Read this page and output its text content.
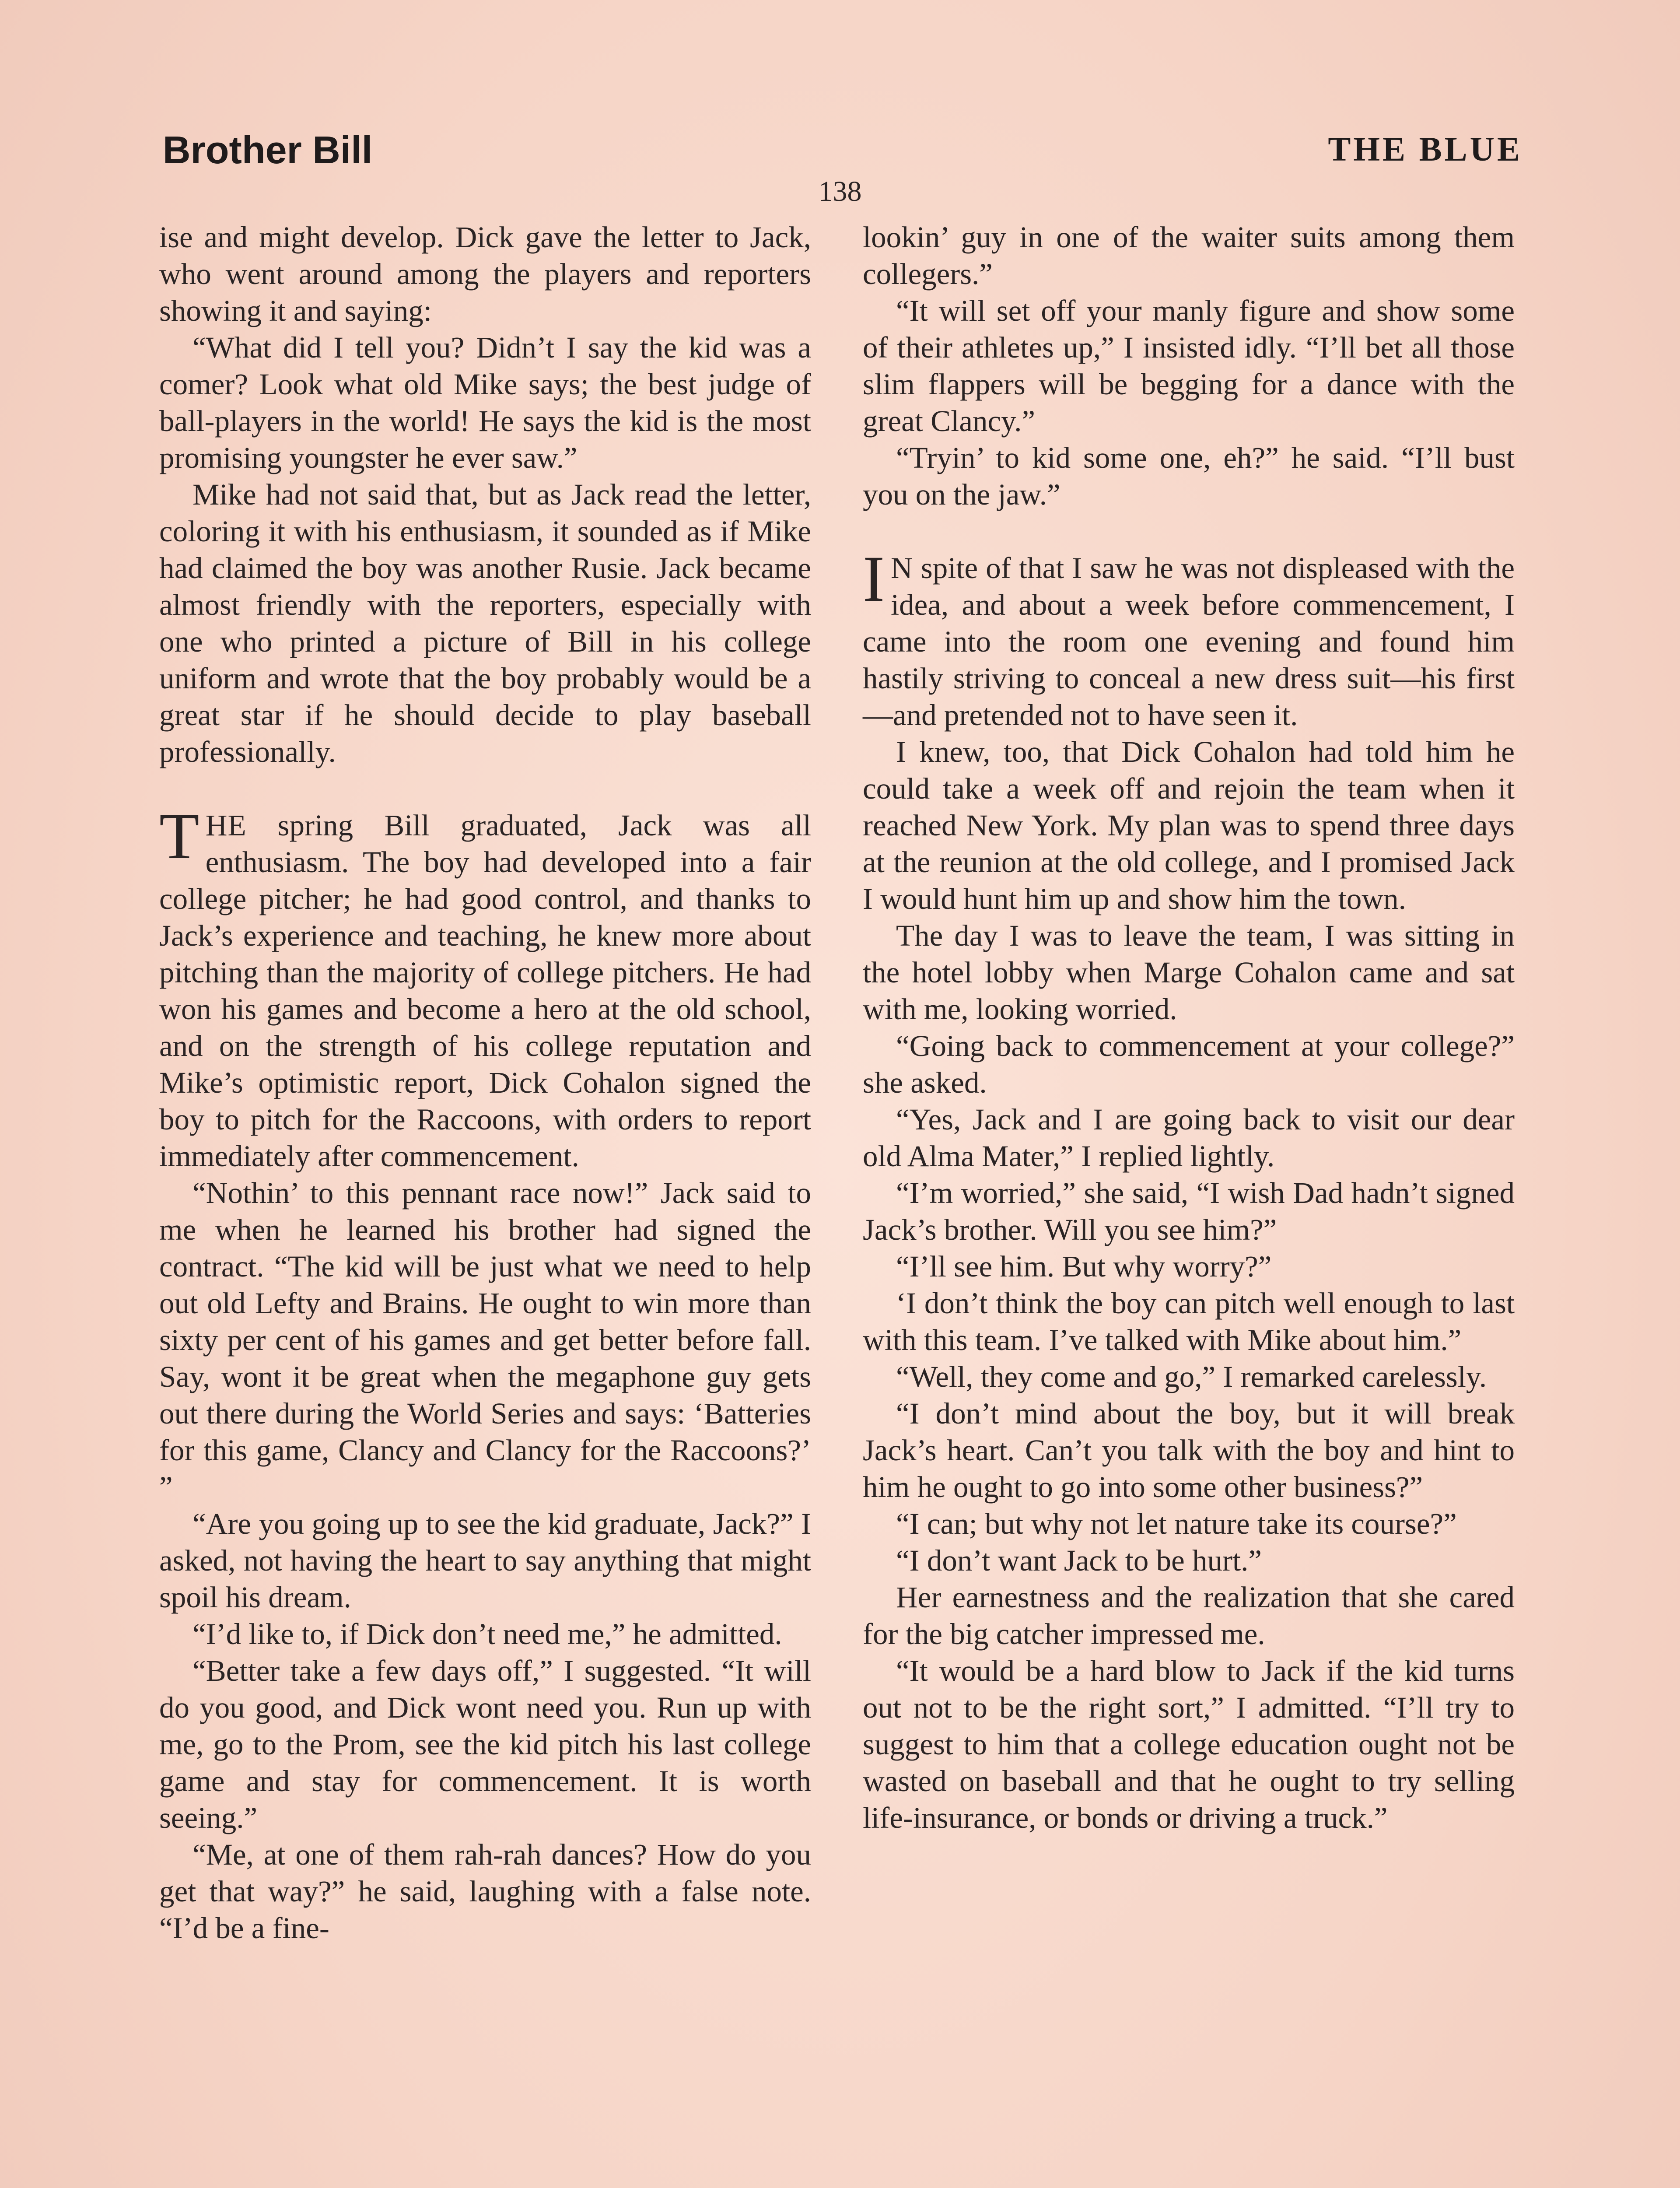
Brother Bill	THE BLUE
138

ise and might develop. Dick gave the letter to Jack, who went around among the players and reporters showing it and saying:

“What did I tell you? Didn’t I say the kid was a comer? Look what old Mike says; the best judge of ball-players in the world! He says the kid is the most promising youngster he ever saw.”

Mike had not said that, but as Jack read the letter, coloring it with his enthusiasm, it sounded as if Mike had claimed the boy was another Rusie. Jack became almost friendly with the reporters, especially with one who printed a picture of Bill in his college uniform and wrote that the boy probably would be a great star if he should decide to play baseball professionally.

THE spring Bill graduated, Jack was all enthusiasm. The boy had developed into a fair college pitcher; he had good control, and thanks to Jack’s experience and teaching, he knew more about pitching than the majority of college pitchers. He had won his games and become a hero at the old school, and on the strength of his college reputation and Mike’s optimistic report, Dick Cohalon signed the boy to pitch for the Raccoons, with orders to report immediately after commencement.

“Nothin’ to this pennant race now!” Jack said to me when he learned his brother had signed the contract. “The kid will be just what we need to help out old Lefty and Brains. He ought to win more than sixty per cent of his games and get better before fall. Say, wont it be great when the megaphone guy gets out there during the World Series and says: ‘Batteries for this game, Clancy and Clancy for the Raccoons?’ ”

“Are you going up to see the kid graduate, Jack?” I asked, not having the heart to say anything that might spoil his dream.

“I’d like to, if Dick don’t need me,” he admitted.

“Better take a few days off,” I suggested. “It will do you good, and Dick wont need you. Run up with me, go to the Prom, see the kid pitch his last college game and stay for commencement. It is worth seeing.”

“Me, at one of them rah-rah dances? How do you get that way?” he said, laughing with a false note. “I’d be a fine-

lookin’ guy in one of the waiter suits among them collegers.”

“It will set off your manly figure and show some of their athletes up,” I insisted idly. “I’ll bet all those slim flappers will be begging for a dance with the great Clancy.”

“Tryin’ to kid some one, eh?” he said. “I’ll bust you on the jaw.”

I N spite of that I saw he was not displeased with the idea, and about a week before commencement, I came into the room one evening and found him hastily striving to conceal a new dress suit—his first—and pretended not to have seen it.

I knew, too, that Dick Cohalon had told him he could take a week off and rejoin the team when it reached New York. My plan was to spend three days at the reunion at the old college, and I promised Jack I would hunt him up and show him the town.

The day I was to leave the team, I was sitting in the hotel lobby when Marge Cohalon came and sat with me, looking worried.

“Going back to commencement at your college?” she asked.

“Yes, Jack and I are going back to visit our dear old Alma Mater,” I replied lightly.

“I’m worried,” she said, “I wish Dad hadn’t signed Jack’s brother. Will you see him?”

“I’ll see him. But why worry?”

‘I don’t think the boy can pitch well enough to last with this team. I’ve talked with Mike about him.”

“Well, they come and go,” I remarked carelessly.

“I don’t mind about the boy, but it will break Jack’s heart. Can’t you talk with the boy and hint to him he ought to go into some other business?”

“I can; but why not let nature take its course?”

“I don’t want Jack to be hurt.”

Her earnestness and the realization that she cared for the big catcher impressed me.

“It would be a hard blow to Jack if the kid turns out not to be the right sort,” I admitted. “I’ll try to suggest to him that a college education ought not be wasted on baseball and that he ought to try selling life-insurance, or bonds or driving a truck.”
